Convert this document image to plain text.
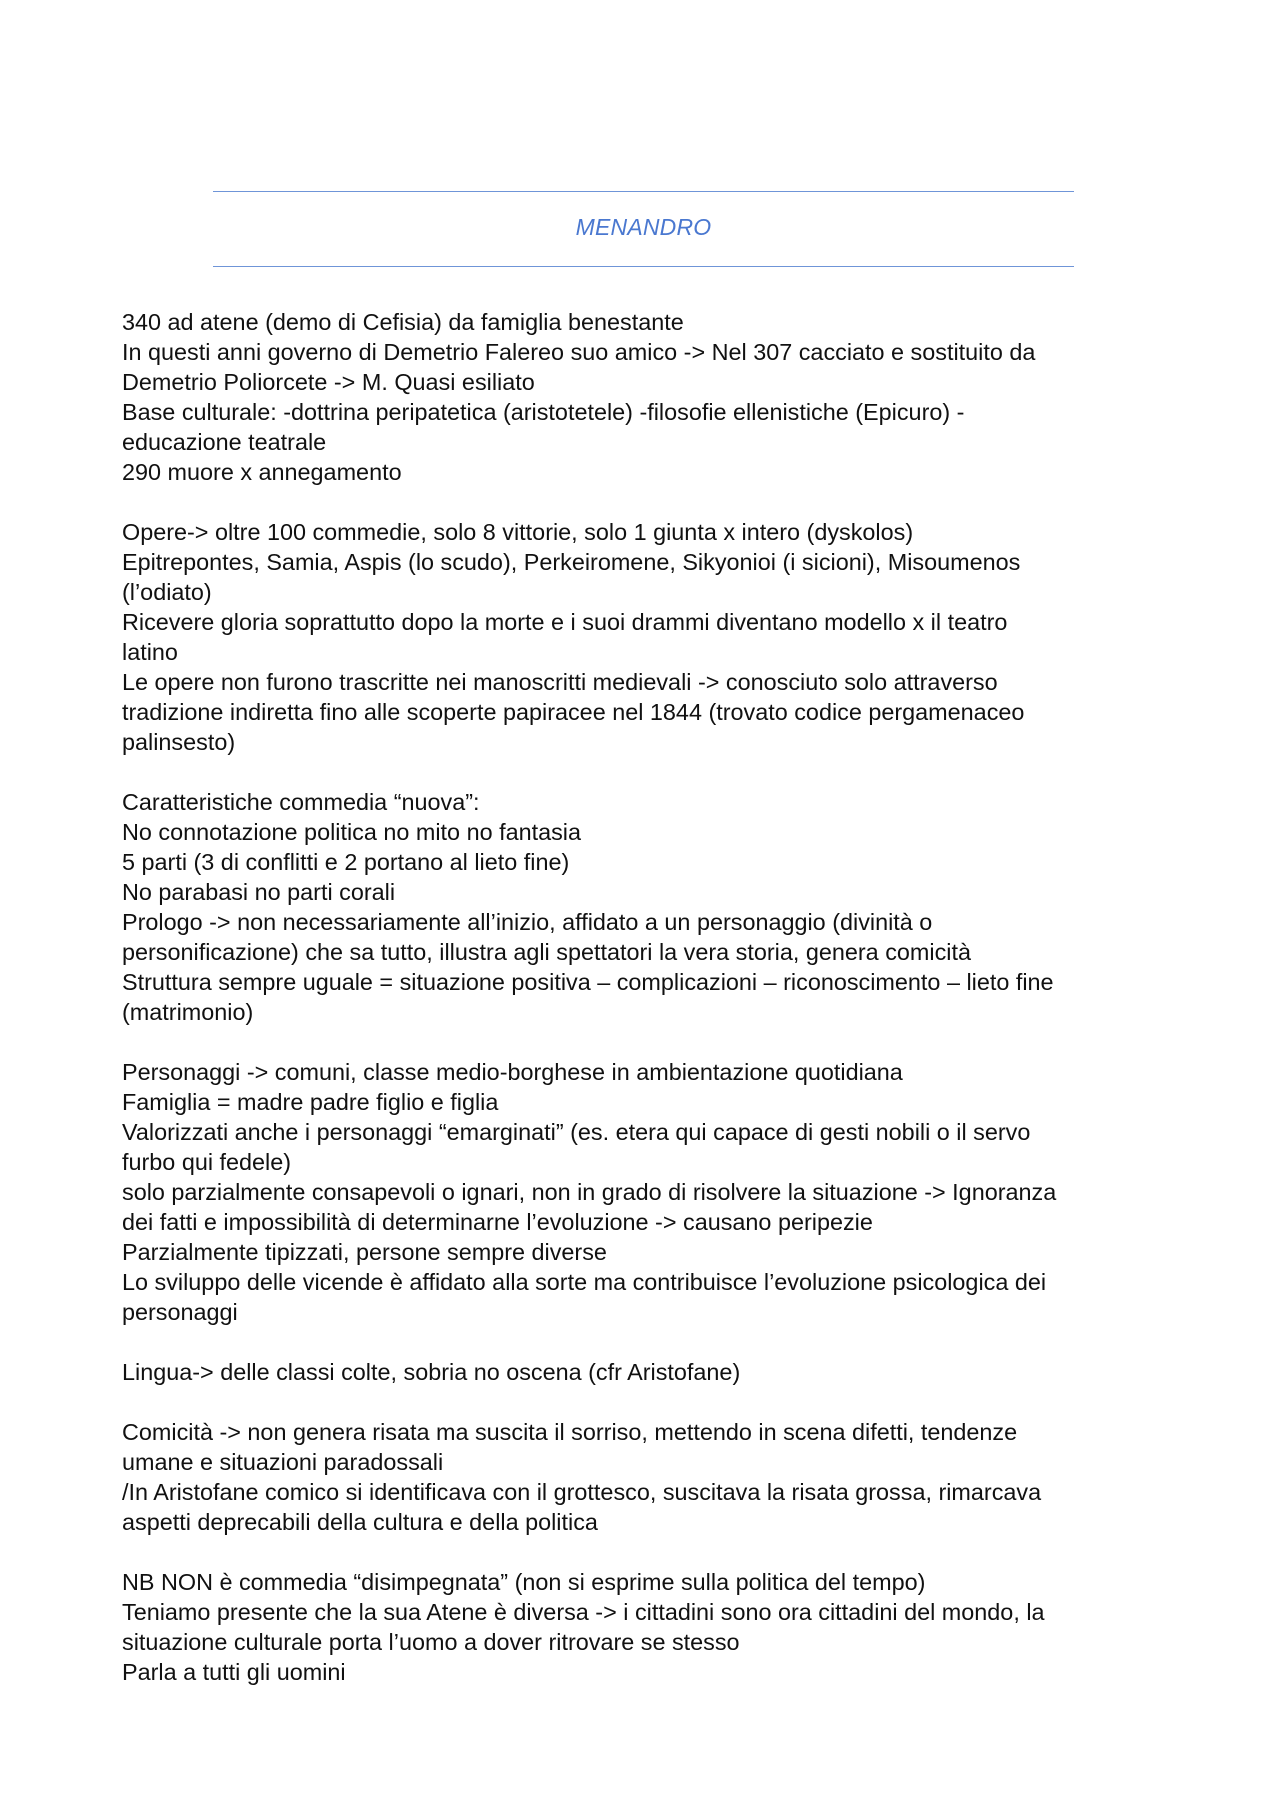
MENANDRO
340 ad atene (demo di Cefisia) da famiglia benestante
In questi anni governo di Demetrio Falereo suo amico -> Nel 307 cacciato e sostituito da
Demetrio Poliorcete -> M. Quasi esiliato
Base culturale: -dottrina peripatetica (aristotetele) -filosofie ellenistiche (Epicuro) -
educazione teatrale
290 muore x annegamento
Opere-> oltre 100 commedie, solo 8 vittorie, solo 1 giunta x intero (dyskolos)
Epitrepontes, Samia, Aspis (lo scudo), Perkeiromene, Sikyonioi (i sicioni), Misoumenos
(l’odiato)
Ricevere gloria soprattutto dopo la morte e i suoi drammi diventano modello x il teatro
latino
Le opere non furono trascritte nei manoscritti medievali -> conosciuto solo attraverso
tradizione indiretta fino alle scoperte papiracee nel 1844 (trovato codice pergamenaceo
palinsesto)
Caratteristiche commedia “nuova”:
No connotazione politica no mito no fantasia
5 parti (3 di conflitti e 2 portano al lieto fine)
No parabasi no parti corali
Prologo -> non necessariamente all’inizio, affidato a un personaggio (divinità o
personificazione) che sa tutto, illustra agli spettatori la vera storia, genera comicità
Struttura sempre uguale = situazione positiva – complicazioni – riconoscimento – lieto fine
(matrimonio)
Personaggi -> comuni, classe medio-borghese in ambientazione quotidiana
Famiglia = madre padre figlio e figlia
Valorizzati anche i personaggi “emarginati” (es. etera qui capace di gesti nobili o il servo
furbo qui fedele)
solo parzialmente consapevoli o ignari, non in grado di risolvere la situazione -> Ignoranza
dei fatti e impossibilità di determinarne l’evoluzione -> causano peripezie
Parzialmente tipizzati, persone sempre diverse
Lo sviluppo delle vicende è affidato alla sorte ma contribuisce l’evoluzione psicologica dei
personaggi
Lingua-> delle classi colte, sobria no oscena (cfr Aristofane)
Comicità -> non genera risata ma suscita il sorriso, mettendo in scena difetti, tendenze
umane e situazioni paradossali
/In Aristofane comico si identificava con il grottesco, suscitava la risata grossa, rimarcava
aspetti deprecabili della cultura e della politica
NB NON è commedia “disimpegnata” (non si esprime sulla politica del tempo)
Teniamo presente che la sua Atene è diversa -> i cittadini sono ora cittadini del mondo, la
situazione culturale porta l’uomo a dover ritrovare se stesso
Parla a tutti gli uomini
